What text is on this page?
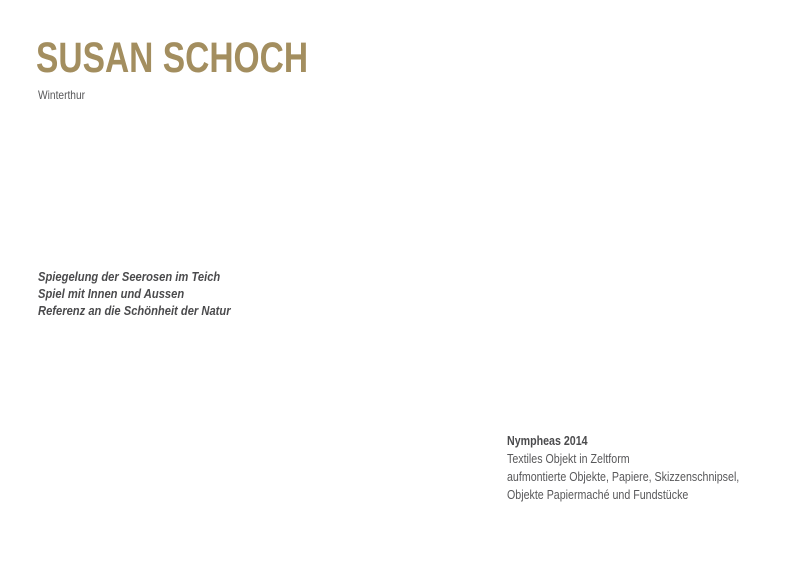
SUSAN SCHOCH
Winterthur
Spiegelung der Seerosen im Teich
Spiel mit Innen und Aussen
Referenz an die Schönheit der Natur
Nympheas 2014
Textiles Objekt in Zeltform
aufmontierte Objekte, Papiere, Skizzenschnipsel,
Objekte Papiermaché und Fundstücke
